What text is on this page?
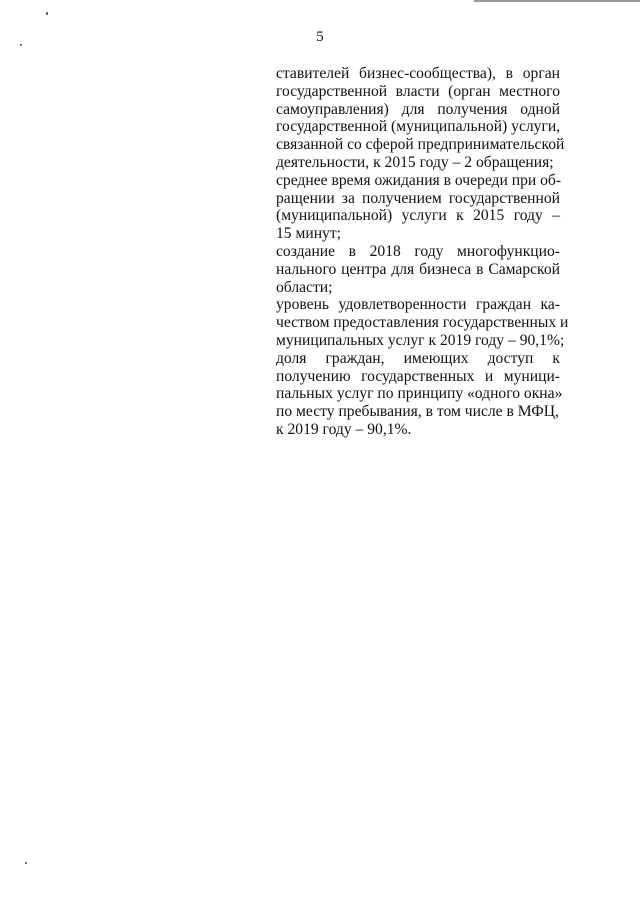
5
ставителей бизнес-сообщества), в орган
государственной власти (орган местного
самоуправления) для получения одной
государственной (муниципальной) услуги,
связанной со сферой предпринимательской
деятельности, к 2015 году – 2 обращения;
среднее время ожидания в очереди при об-
ращении за получением государственной
(муниципальной) услуги к 2015 году –
15 минут;
создание в 2018 году многофункцио-
нального центра для бизнеса в Самарской
области;
уровень удовлетворенности граждан ка-
чеством предоставления государственных и
муниципальных услуг к 2019 году – 90,1%;
доля граждан, имеющих доступ к
получению государственных и муници-
пальных услуг по принципу «одного окна»
по месту пребывания, в том числе в МФЦ,
к 2019 году – 90,1%.
